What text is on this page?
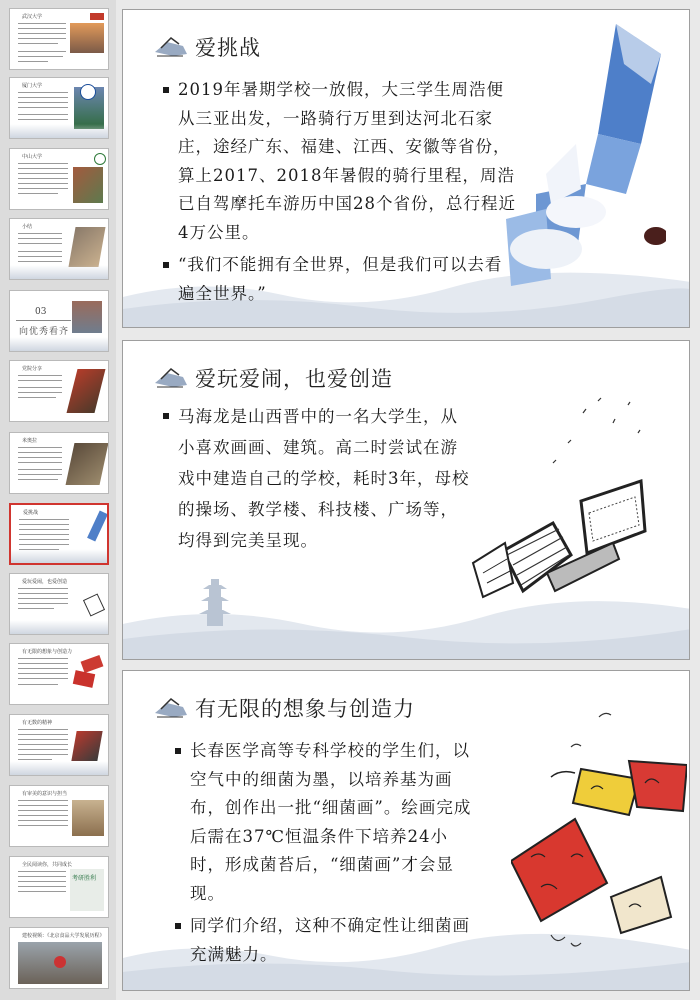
武汉大学
厦门大学
中山大学
小结
03
向优秀看齐
党院分享
米奥拉
爱挑战
爱玩爱闹，也爱创造
有无限的想象与创造力
有无数的精神
有审美的意识与担当
全民阅读你，共同成长
考研胜利
建校视频：《北京食品大学发展历程》
爱挑战
2019年暑期学校一放假，大三学生周浩便从三亚出发，一路骑行万里到达河北石家庄，途经广东、福建、江西、安徽等省份，算上2017、2018年暑假的骑行里程，周浩已自驾摩托车游历中国28个省份，总行程近4万公里。
“我们不能拥有全世界，但是我们可以去看遍全世界。”
爱玩爱闹，也爱创造
马海龙是山西晋中的一名大学生，从小喜欢画画、建筑。高二时尝试在游戏中建造自己的学校，耗时3年，母校的操场、教学楼、科技楼、广场等，均得到完美呈现。
有无限的想象与创造力
长春医学高等专科学校的学生们，以空气中的细菌为墨，以培养基为画布，创作出一批“细菌画”。绘画完成后需在37℃恒温条件下培养24小时，形成菌苔后，“细菌画”才会显现。
同学们介绍，这种不确定性让细菌画充满魅力。
